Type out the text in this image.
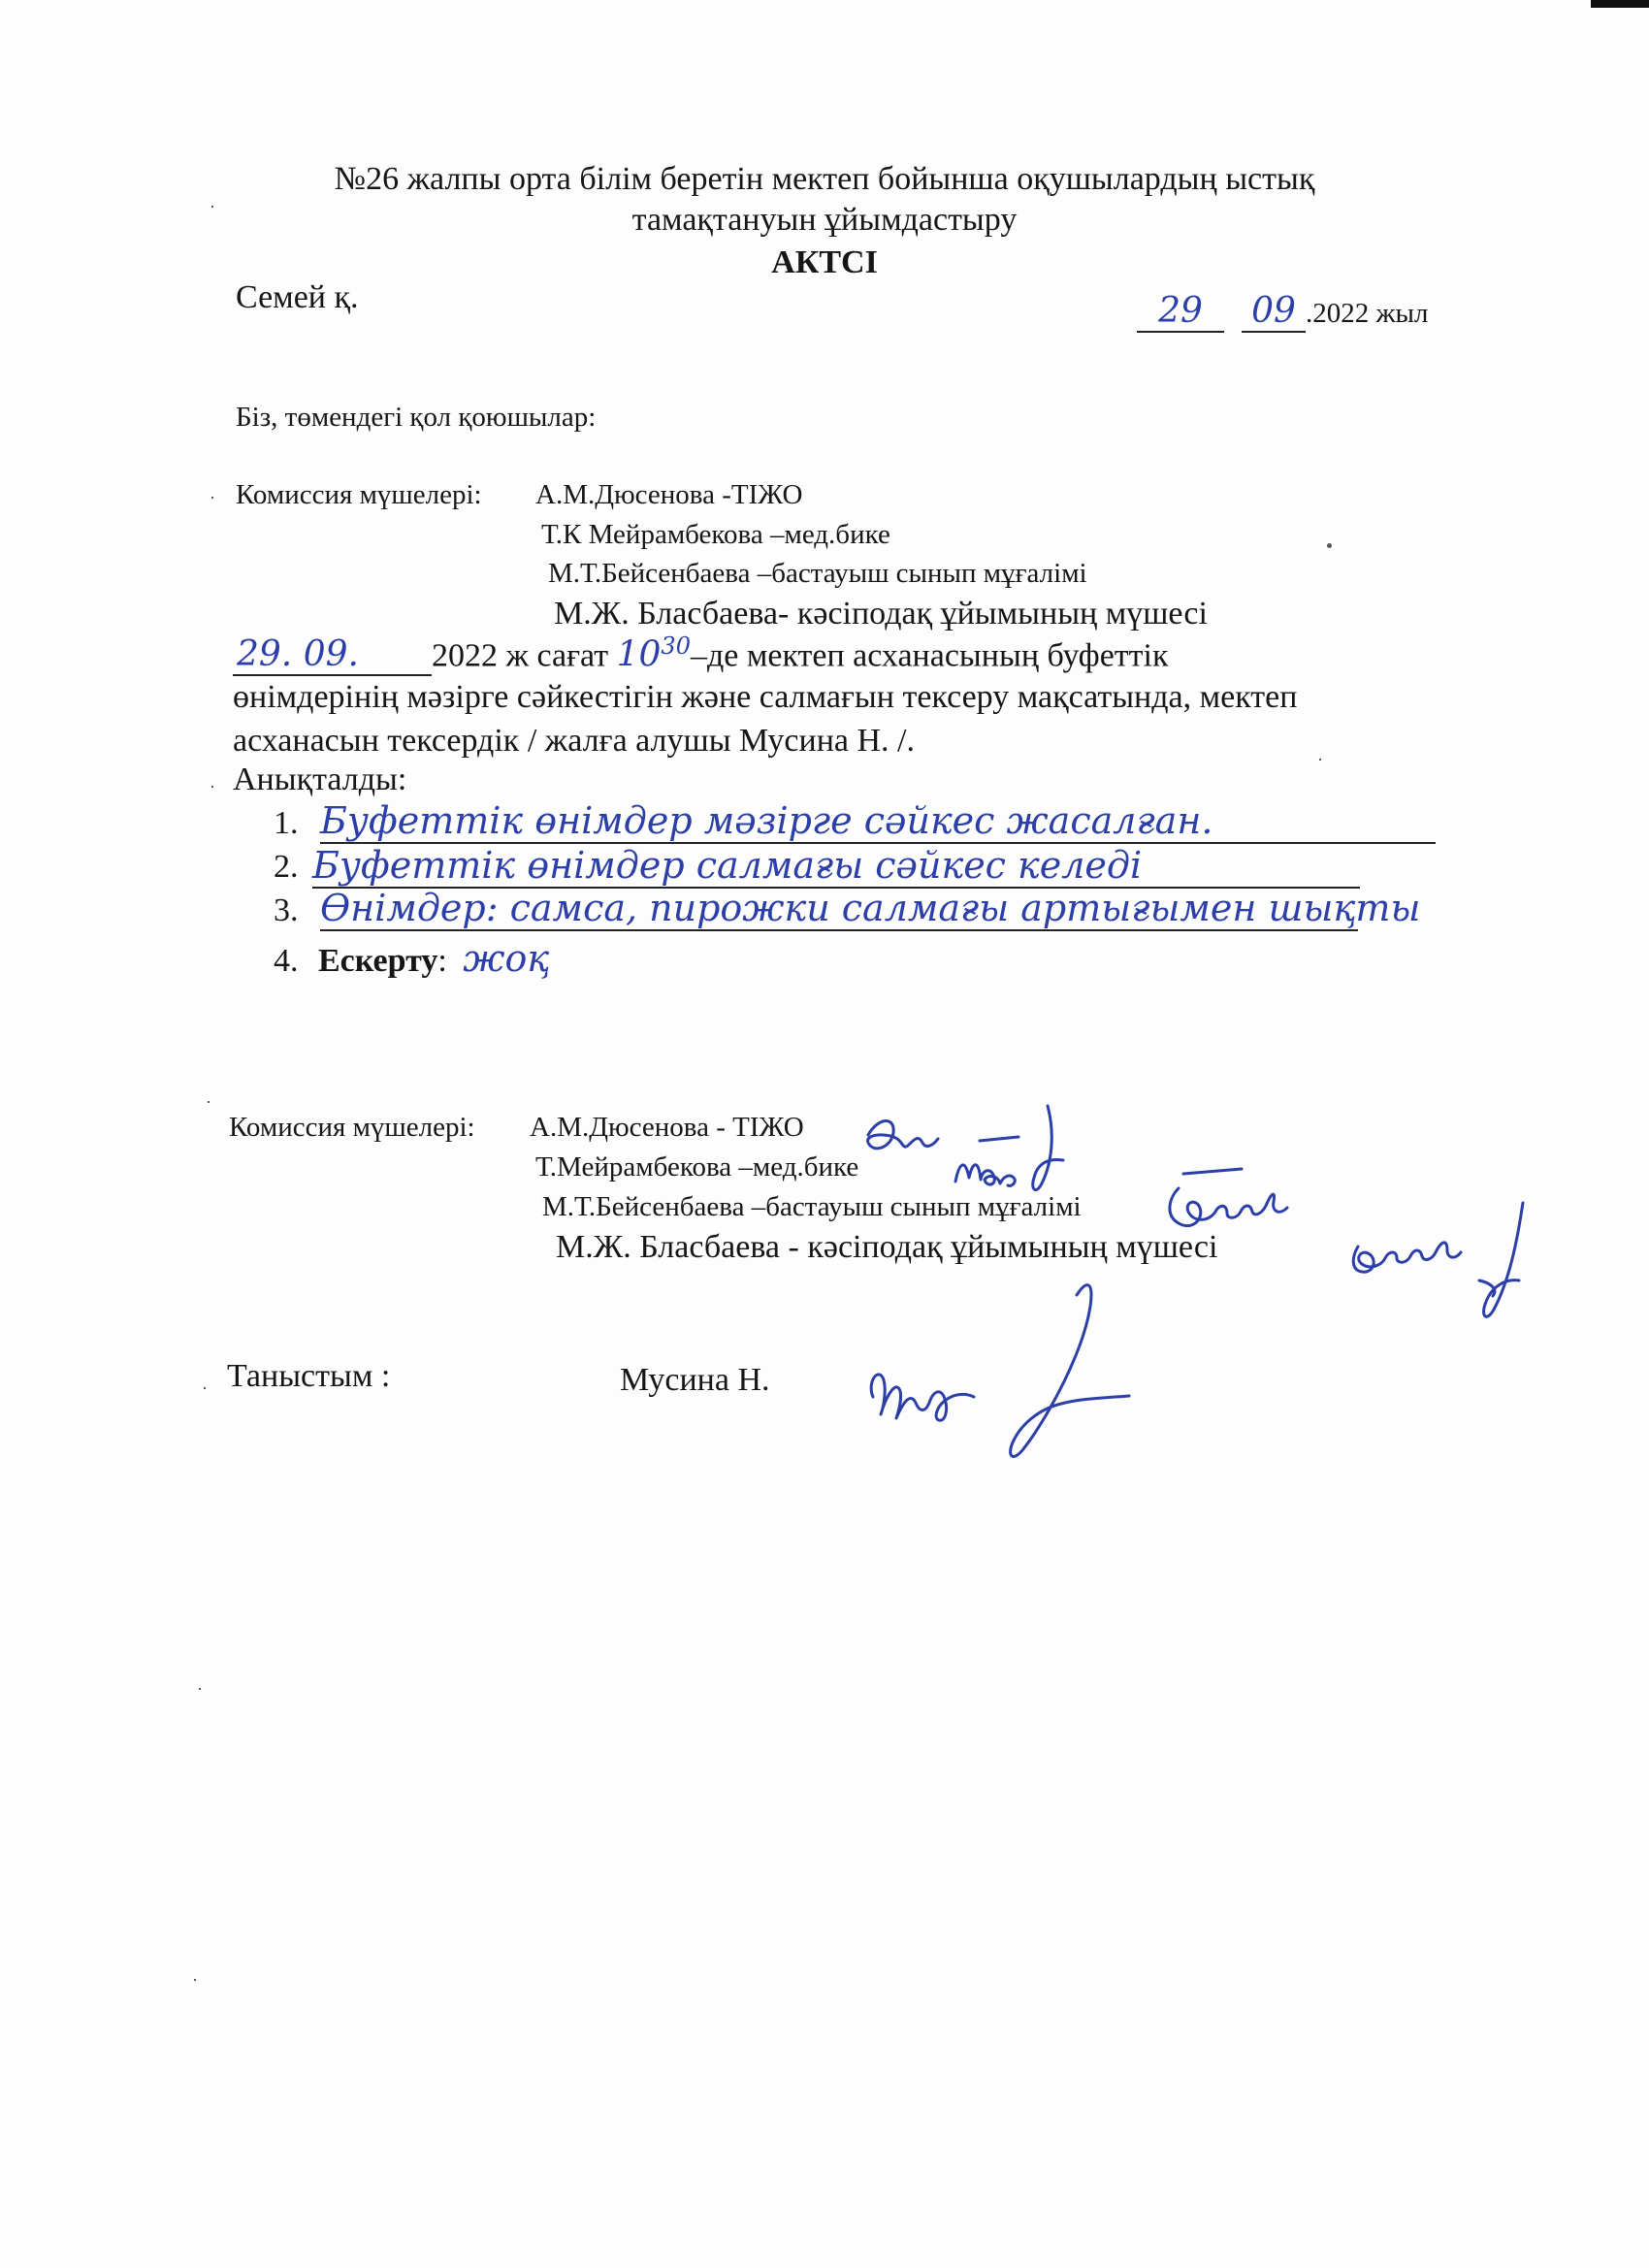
№26 жалпы орта білім беретін мектеп бойынша оқушылардың ыстық
тамақтануын ұйымдастыру
АКТСІ
Семей қ.	29 09 .2022 жыл
Біз, төмендегі қол қоюшылар:
Комиссия мүшелері: А.М.Дюсенова -ТІЖО
Т.К Мейрамбекова –мед.бике
М.Т.Бейсенбаева –бастауыш сынып мұғалімі
М.Ж. Бласбаева- кәсіподақ ұйымының мүшесі
29. 09. 2022 ж сағат $10^{30}-де$ мектеп асханасының буфеттік
өнімдерінің мәзірге сәйкестігін және салмағын тексеру мақсатында, мектеп
асханасын тексердік / жалға алушы Мусина Н. /.
Анықталды:
1. Буфеттік өнімдер мәзірге сәйкес жасалған.
2. Буфеттік өнімдер салмағы сәйкес келеді
3. Өнімдер: самса, пирожки салмағы артығымен шықты
4. Ескерту: жоқ
Комиссия мүшелері: А.М.Дюсенова - ТІЖО
Т.Мейрамбекова –мед.бике
М.Т.Бейсенбаева –бастауыш сынып мұғалімі
М.Ж. Бласбаева - кәсіподақ ұйымының мүшесі
Таныстым :	Мусина Н.
